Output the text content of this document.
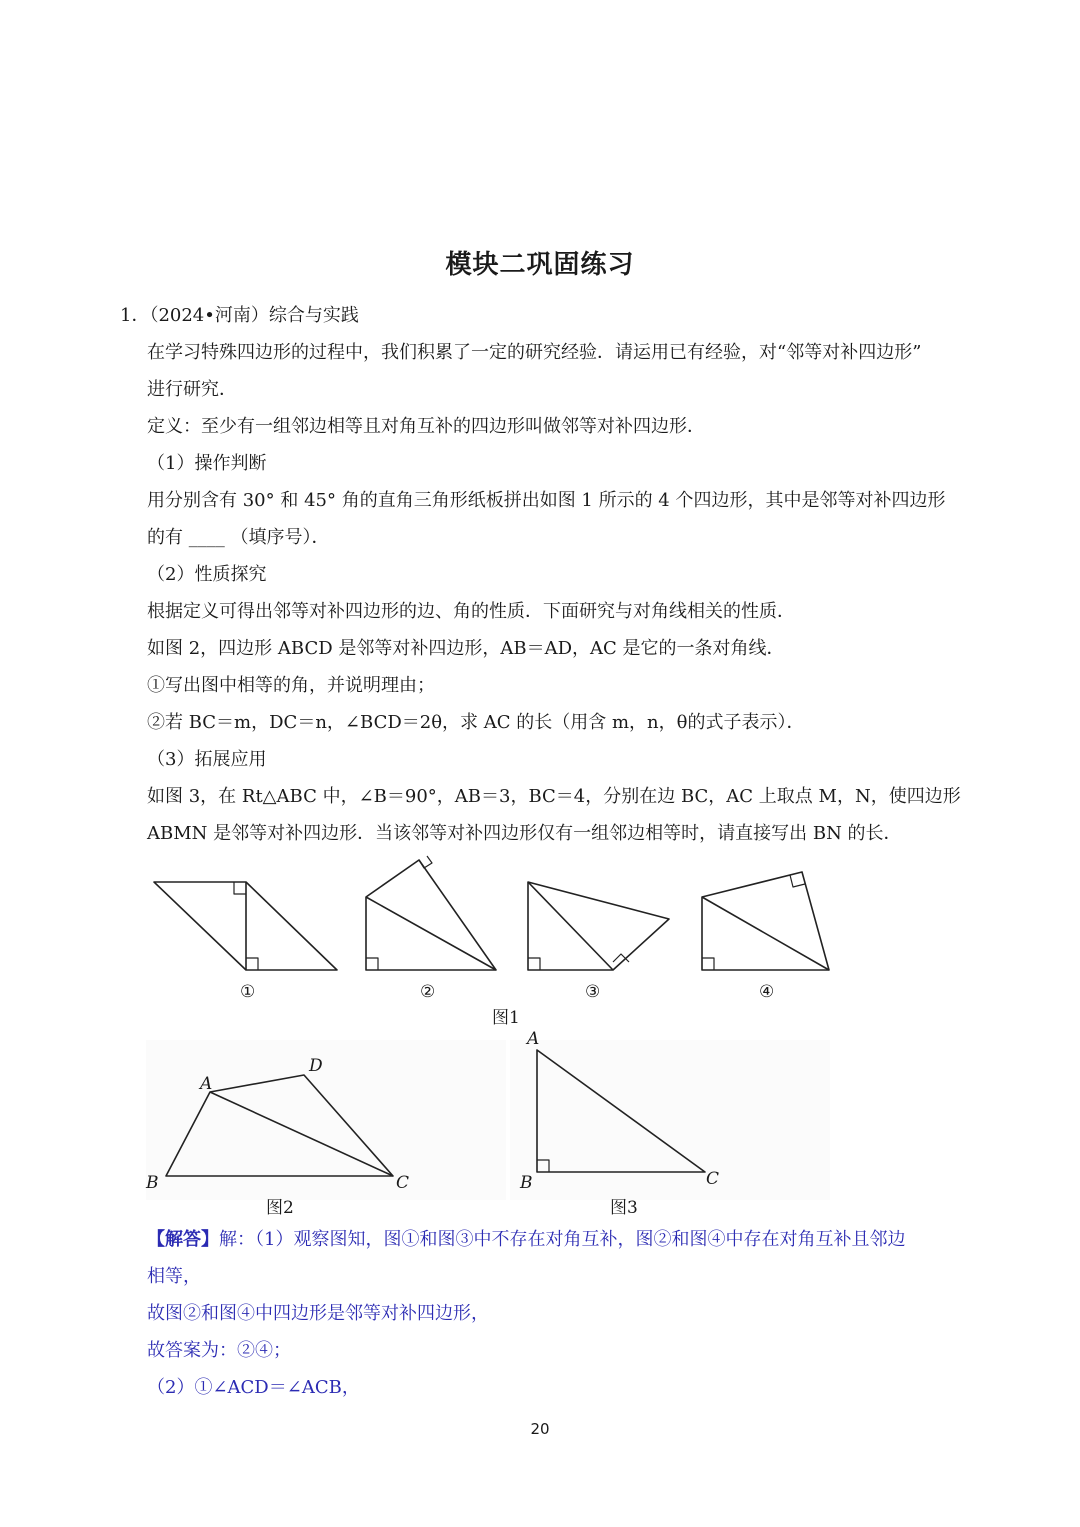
模块二巩固练习
1．（2024•河南）综合与实践
在学习特殊四边形的过程中，我们积累了一定的研究经验．请运用已有经验，对“邻等对补四边形”
进行研究．
定义：至少有一组邻边相等且对角互补的四边形叫做邻等对补四边形．
（1）操作判断
用分别含有 30° 和 45° 角的直角三角形纸板拼出如图 1 所示的 4 个四边形，其中是邻等对补四边形
的有 ____ （填序号）．
（2）性质探究
根据定义可得出邻等对补四边形的边、角的性质．下面研究与对角线相关的性质．
如图 2，四边形 ABCD 是邻等对补四边形，AB＝AD，AC 是它的一条对角线．
①写出图中相等的角，并说明理由；
②若 BC＝m，DC＝n，∠BCD＝2θ，求 AC 的长（用含 m，n，θ的式子表示）．
（3）拓展应用
如图 3，在 Rt△ABC 中，∠B＝90°，AB＝3，BC＝4，分别在边 BC，AC 上取点 M，N，使四边形
ABMN 是邻等对补四边形．当该邻等对补四边形仅有一组邻边相等时，请直接写出 BN 的长．
①	②	③	④
图1
A
D
B	C
图2
A
B	C
图3
【解答】解：（1）观察图知，图①和图③中不存在对角互补，图②和图④中存在对角互补且邻边
相等，
故图②和图④中四边形是邻等对补四边形，
故答案为：②④；
（2）①∠ACD＝∠ACB，
20
